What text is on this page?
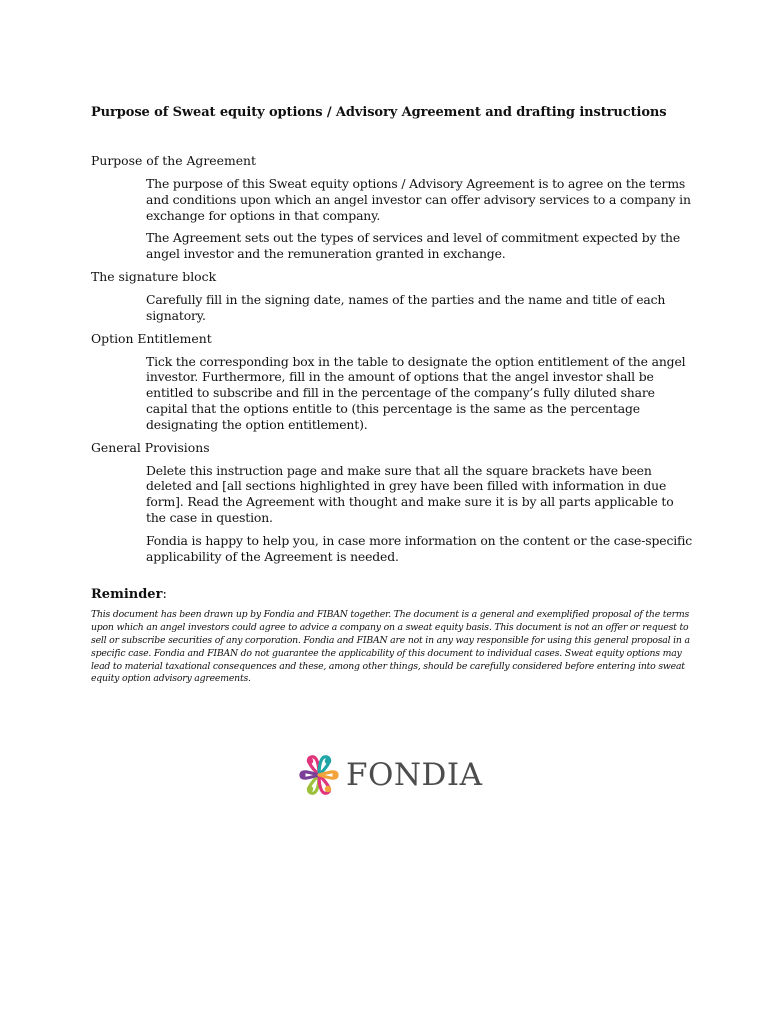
Purpose of Sweat equity options / Advisory Agreement and drafting instructions
Purpose of the Agreement

The purpose of this Sweat equity options / Advisory Agreement is to agree on the terms and conditions upon which an angel investor can offer advisory services to a company in exchange for options in that company.

The Agreement sets out the types of services and level of commitment expected by the angel investor and the remuneration granted in exchange.

The signature block

Carefully fill in the signing date, names of the parties and the name and title of each signatory.

Option Entitlement

Tick the corresponding box in the table to designate the option entitlement of the angel investor. Furthermore, fill in the amount of options that the angel investor shall be entitled to subscribe and fill in the percentage of the company’s fully diluted share capital that the options entitle to (this percentage is the same as the percentage designating the option entitlement).

General Provisions

Delete this instruction page and make sure that all the square brackets have been deleted and [all sections highlighted in grey have been filled with information in due form]. Read the Agreement with thought and make sure it is by all parts applicable to the case in question.

Fondia is happy to help you, in case more information on the content or the case-specific applicability of the Agreement is needed.

Reminder:

This document has been drawn up by Fondia and FIBAN together. The document is a general and exemplified proposal of the terms upon which an angel investors could agree to advice a company on a sweat equity basis. This document is not an offer or request to sell or subscribe securities of any corporation. Fondia and FIBAN are not in any way responsible for using this general proposal in a specific case. Fondia and FIBAN do not guarantee the applicability of this document to individual cases. Sweat equity options may lead to material taxational consequences and these, among other things, should be carefully considered before entering into sweat equity option advisory agreements.

FONDIA
